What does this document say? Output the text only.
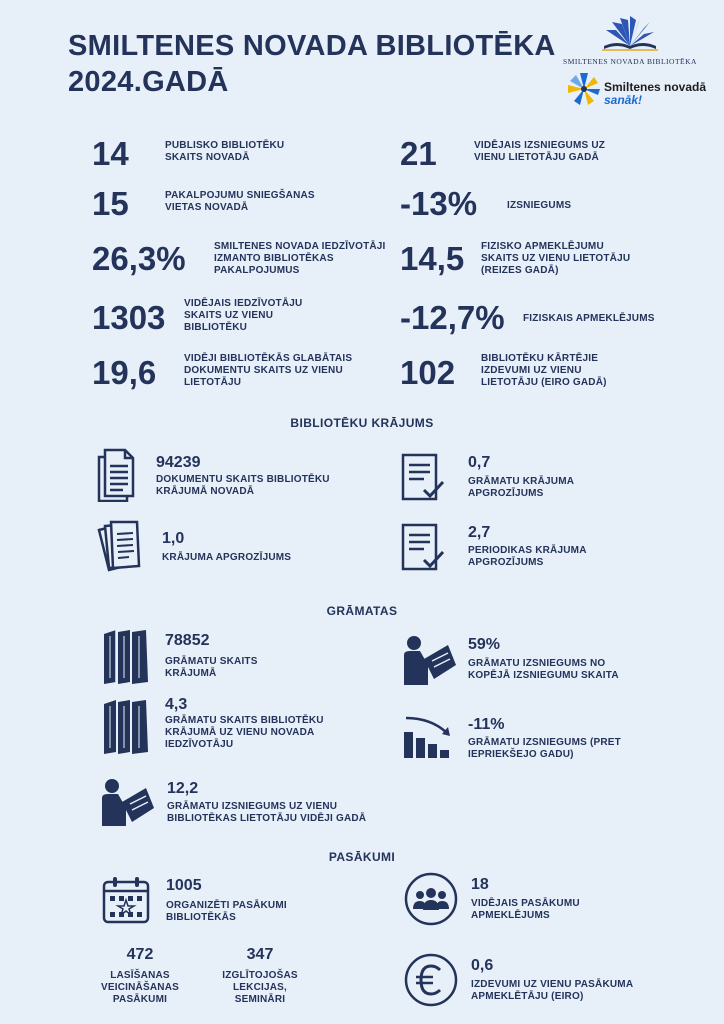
SMILTENES NOVADA BIBLIOTĒKA
2024.GADĀ
SMILTENES NOVADA BIBLIOTĒKA
Smiltenes novadā
sanāk!
14	PUBLISKO BIBLIOTĒKU SKAITS NOVADĀ	21	VIDĒJAIS IZSNIEGUMS UZ VIENU LIETOTĀJU GADĀ
15	PAKALPOJUMU SNIEGŠANAS VIETAS NOVADĀ	-13%	IZSNIEGUMS
26,3%	SMILTENES NOVADA IEDZĪVOTĀJI IZMANTO BIBLIOTĒKAS PAKALPOJUMUS	14,5 FIZISKO APMEKLĒJUMU SKAITS UZ VIENU LIETOTĀJU (REIZES GADĀ)
1303 VIDĒJAIS IEDZĪVOTĀJU SKAITS UZ VIENU BIBLIOTĒKU	-12,7% FIZISKAIS APMEKLĒJUMS
19,6	VIDĒJI BIBLIOTĒKĀS GLABĀTAIS DOKUMENTU SKAITS UZ VIENU LIETOTĀJU	102	BIBLIOTĒKU KĀRTĒJIE IZDEVUMI UZ VIENU LIETOTĀJU (EIRO GADĀ)
BIBLIOTĒKU KRĀJUMS
94239
DOKUMENTU SKAITS BIBLIOTĒKU KRĀJUMĀ NOVADĀ
0,7
GRĀMATU KRĀJUMA APGROZĪJUMS
1,0
KRĀJUMA APGROZĪJUMS
2,7
PERIODIKAS KRĀJUMA APGROZĪJUMS
GRĀMATAS
78852
GRĀMATU SKAITS KRĀJUMĀ
59%
GRĀMATU IZSNIEGUMS NO KOPĒJĀ IZSNIEGUMU SKAITA
4,3
GRĀMATU SKAITS BIBLIOTĒKU KRĀJUMĀ UZ VIENU NOVADA IEDZĪVOTĀJU
-11%
GRĀMATU IZSNIEGUMS (PRET IEPRIEKŠEJO GADU)
12,2
GRĀMATU IZSNIEGUMS UZ VIENU BIBLIOTĒKAS LIETOTĀJU VIDĒJI GADĀ
PASĀKUMI
1005
ORGANIZĒTI PASĀKUMI BIBLIOTĒKĀS
18
VIDĒJAIS PASĀKUMU APMEKLĒJUMS
472
LASĪŠANAS VEICINĀŠANAS PASĀKUMI
347
IZGLĪTOJOŠAS LEKCIJAS, SEMINĀRI
0,6
IZDEVUMI UZ VIENU PASĀKUMA APMEKLĒTĀJU (EIRO)
